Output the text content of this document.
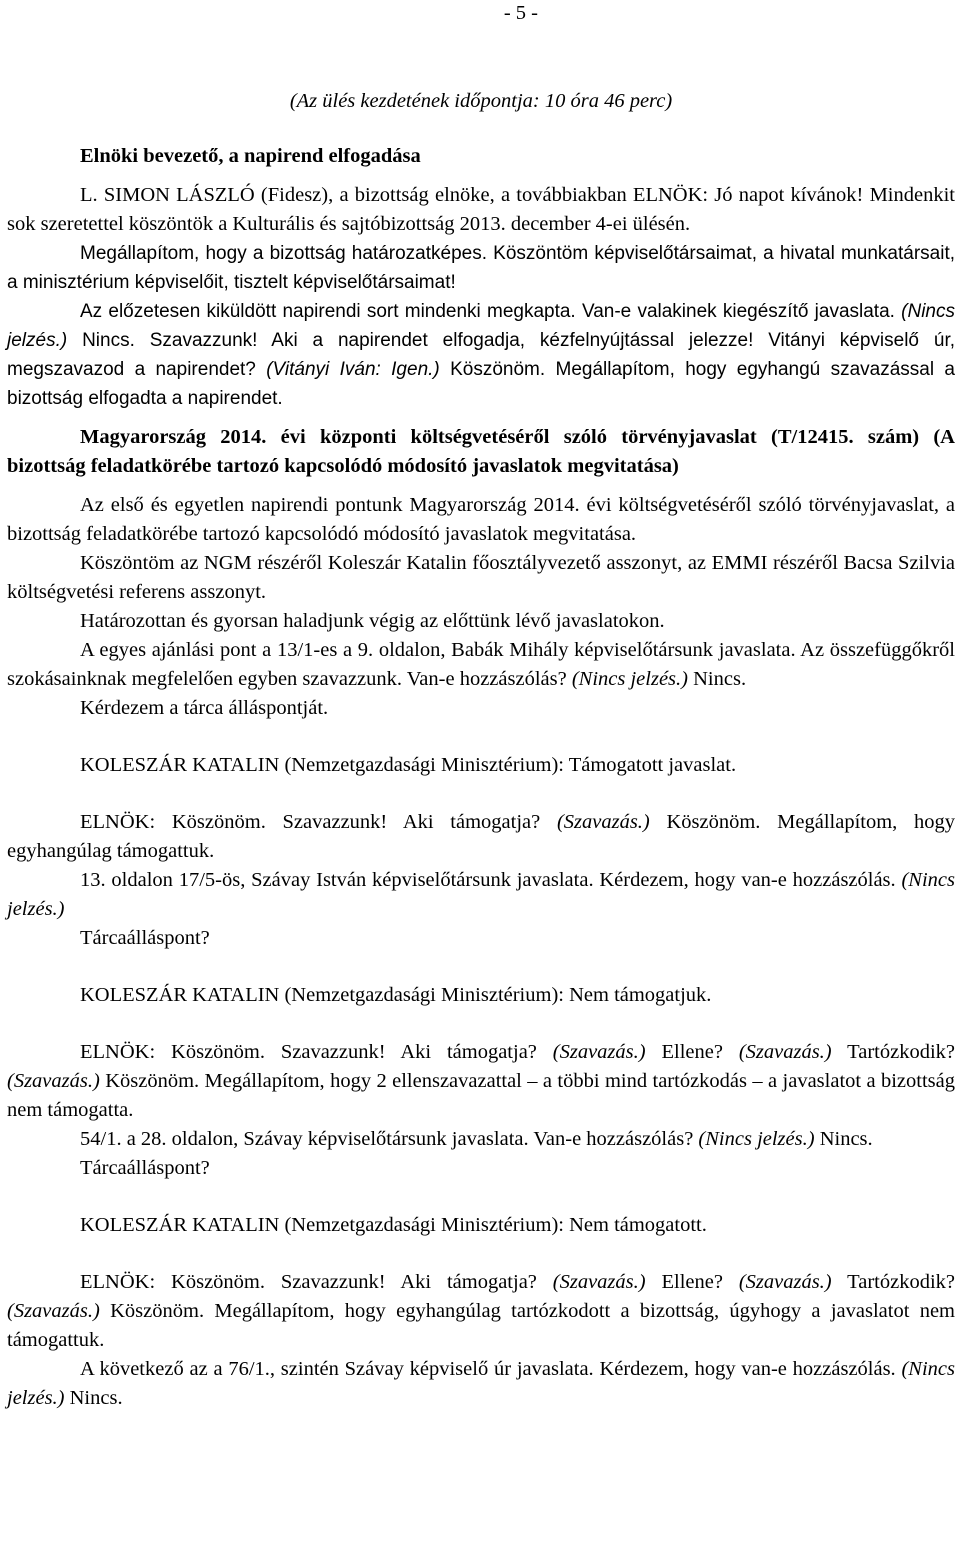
- 5 -

(Az ülés kezdetének időpontja: 10 óra 46 perc)

Elnöki bevezető, a napirend elfogadása

L. SIMON LÁSZLÓ (Fidesz), a bizottság elnöke, a továbbiakban ELNÖK: Jó napot kívánok! Mindenkit sok szeretettel köszöntök a Kulturális és sajtóbizottság 2013. december 4-ei ülésén.

Megállapítom, hogy a bizottság határozatképes. Köszöntöm képviselőtársaimat, a hivatal munkatársait, a minisztérium képviselőit, tisztelt képviselőtársaimat!

Az előzetesen kiküldött napirendi sort mindenki megkapta. Van-e valakinek kiegészítő javaslata. (Nincs jelzés.) Nincs. Szavazzunk! Aki a napirendet elfogadja, kézfelnyújtással jelezze! Vitányi képviselő úr, megszavazod a napirendet? (Vitányi Iván: Igen.) Köszönöm. Megállapítom, hogy egyhangú szavazással a bizottság elfogadta a napirendet.

Magyarország 2014. évi központi költségvetéséről szóló törvényjavaslat (T/12415. szám) (A bizottság feladatkörébe tartozó kapcsolódó módosító javaslatok megvitatása)

Az első és egyetlen napirendi pontunk Magyarország 2014. évi költségvetéséről szóló törvényjavaslat, a bizottság feladatkörébe tartozó kapcsolódó módosító javaslatok megvitatása.

Köszöntöm az NGM részéről Koleszár Katalin főosztályvezető asszonyt, az EMMI részéről Bacsa Szilvia költségvetési referens asszonyt.

Határozottan és gyorsan haladjunk végig az előttünk lévő javaslatokon.

A egyes ajánlási pont a 13/1-es a 9. oldalon, Babák Mihály képviselőtársunk javaslata. Az összefüggőkről szokásainknak megfelelően egyben szavazzunk. Van-e hozzászólás? (Nincs jelzés.) Nincs.

Kérdezem a tárca álláspontját.

KOLESZÁR KATALIN (Nemzetgazdasági Minisztérium): Támogatott javaslat.

ELNÖK: Köszönöm. Szavazzunk! Aki támogatja? (Szavazás.) Köszönöm. Megállapítom, hogy egyhangúlag támogattuk.

13. oldalon 17/5-ös, Szávay István képviselőtársunk javaslata. Kérdezem, hogy van-e hozzászólás. (Nincs jelzés.)

Tárcaálláspont?

KOLESZÁR KATALIN (Nemzetgazdasági Minisztérium): Nem támogatjuk.

ELNÖK: Köszönöm. Szavazzunk! Aki támogatja? (Szavazás.) Ellene? (Szavazás.) Tartózkodik? (Szavazás.) Köszönöm. Megállapítom, hogy 2 ellenszavazattal – a többi mind tartózkodás – a javaslatot a bizottság nem támogatta.

54/1. a 28. oldalon, Szávay képviselőtársunk javaslata. Van-e hozzászólás? (Nincs jelzés.) Nincs.

Tárcaálláspont?

KOLESZÁR KATALIN (Nemzetgazdasági Minisztérium): Nem támogatott.

ELNÖK: Köszönöm. Szavazzunk! Aki támogatja? (Szavazás.) Ellene? (Szavazás.) Tartózkodik? (Szavazás.) Köszönöm. Megállapítom, hogy egyhangúlag tartózkodott a bizottság, úgyhogy a javaslatot nem támogattuk.

A következő az a 76/1., szintén Szávay képviselő úr javaslata. Kérdezem, hogy van-e hozzászólás. (Nincs jelzés.) Nincs.
